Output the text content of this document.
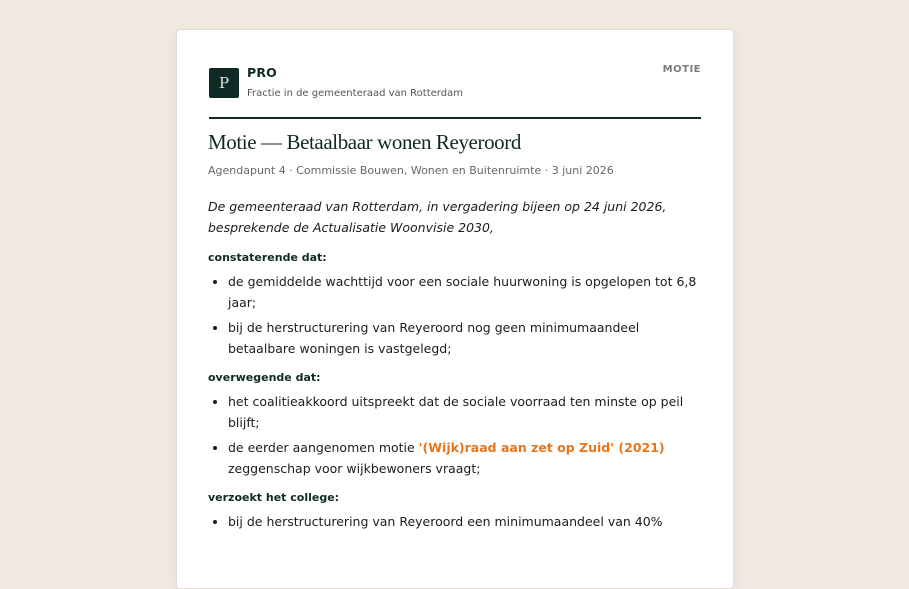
P
PRO
Fractie in de gemeenteraad van Rotterdam
MOTIE
Motie — Betaalbaar wonen Reyeroord
Agendapunt 4 · Commissie Bouwen, Wonen en Buitenruimte · 3 juni 2026

De gemeenteraad van Rotterdam, in vergadering bijeen op 24 juni 2026, besprekende de Actualisatie Woonvisie 2030,

constaterende dat:
• de gemiddelde wachttijd voor een sociale huurwoning is opgelopen tot 6,8 jaar;
• bij de herstructurering van Reyeroord nog geen minimumaandeel betaalbare woningen is vastgelegd;
overwegende dat:
• het coalitieakkoord uitspreekt dat de sociale voorraad ten minste op peil blijft;
• de eerder aangenomen motie '(Wijk)raad aan zet op Zuid' (2021)
zeggenschap voor wijkbewoners vraagt;
verzoekt het college:
• bij de herstructurering van Reyeroord een minimumaandeel van 40%
